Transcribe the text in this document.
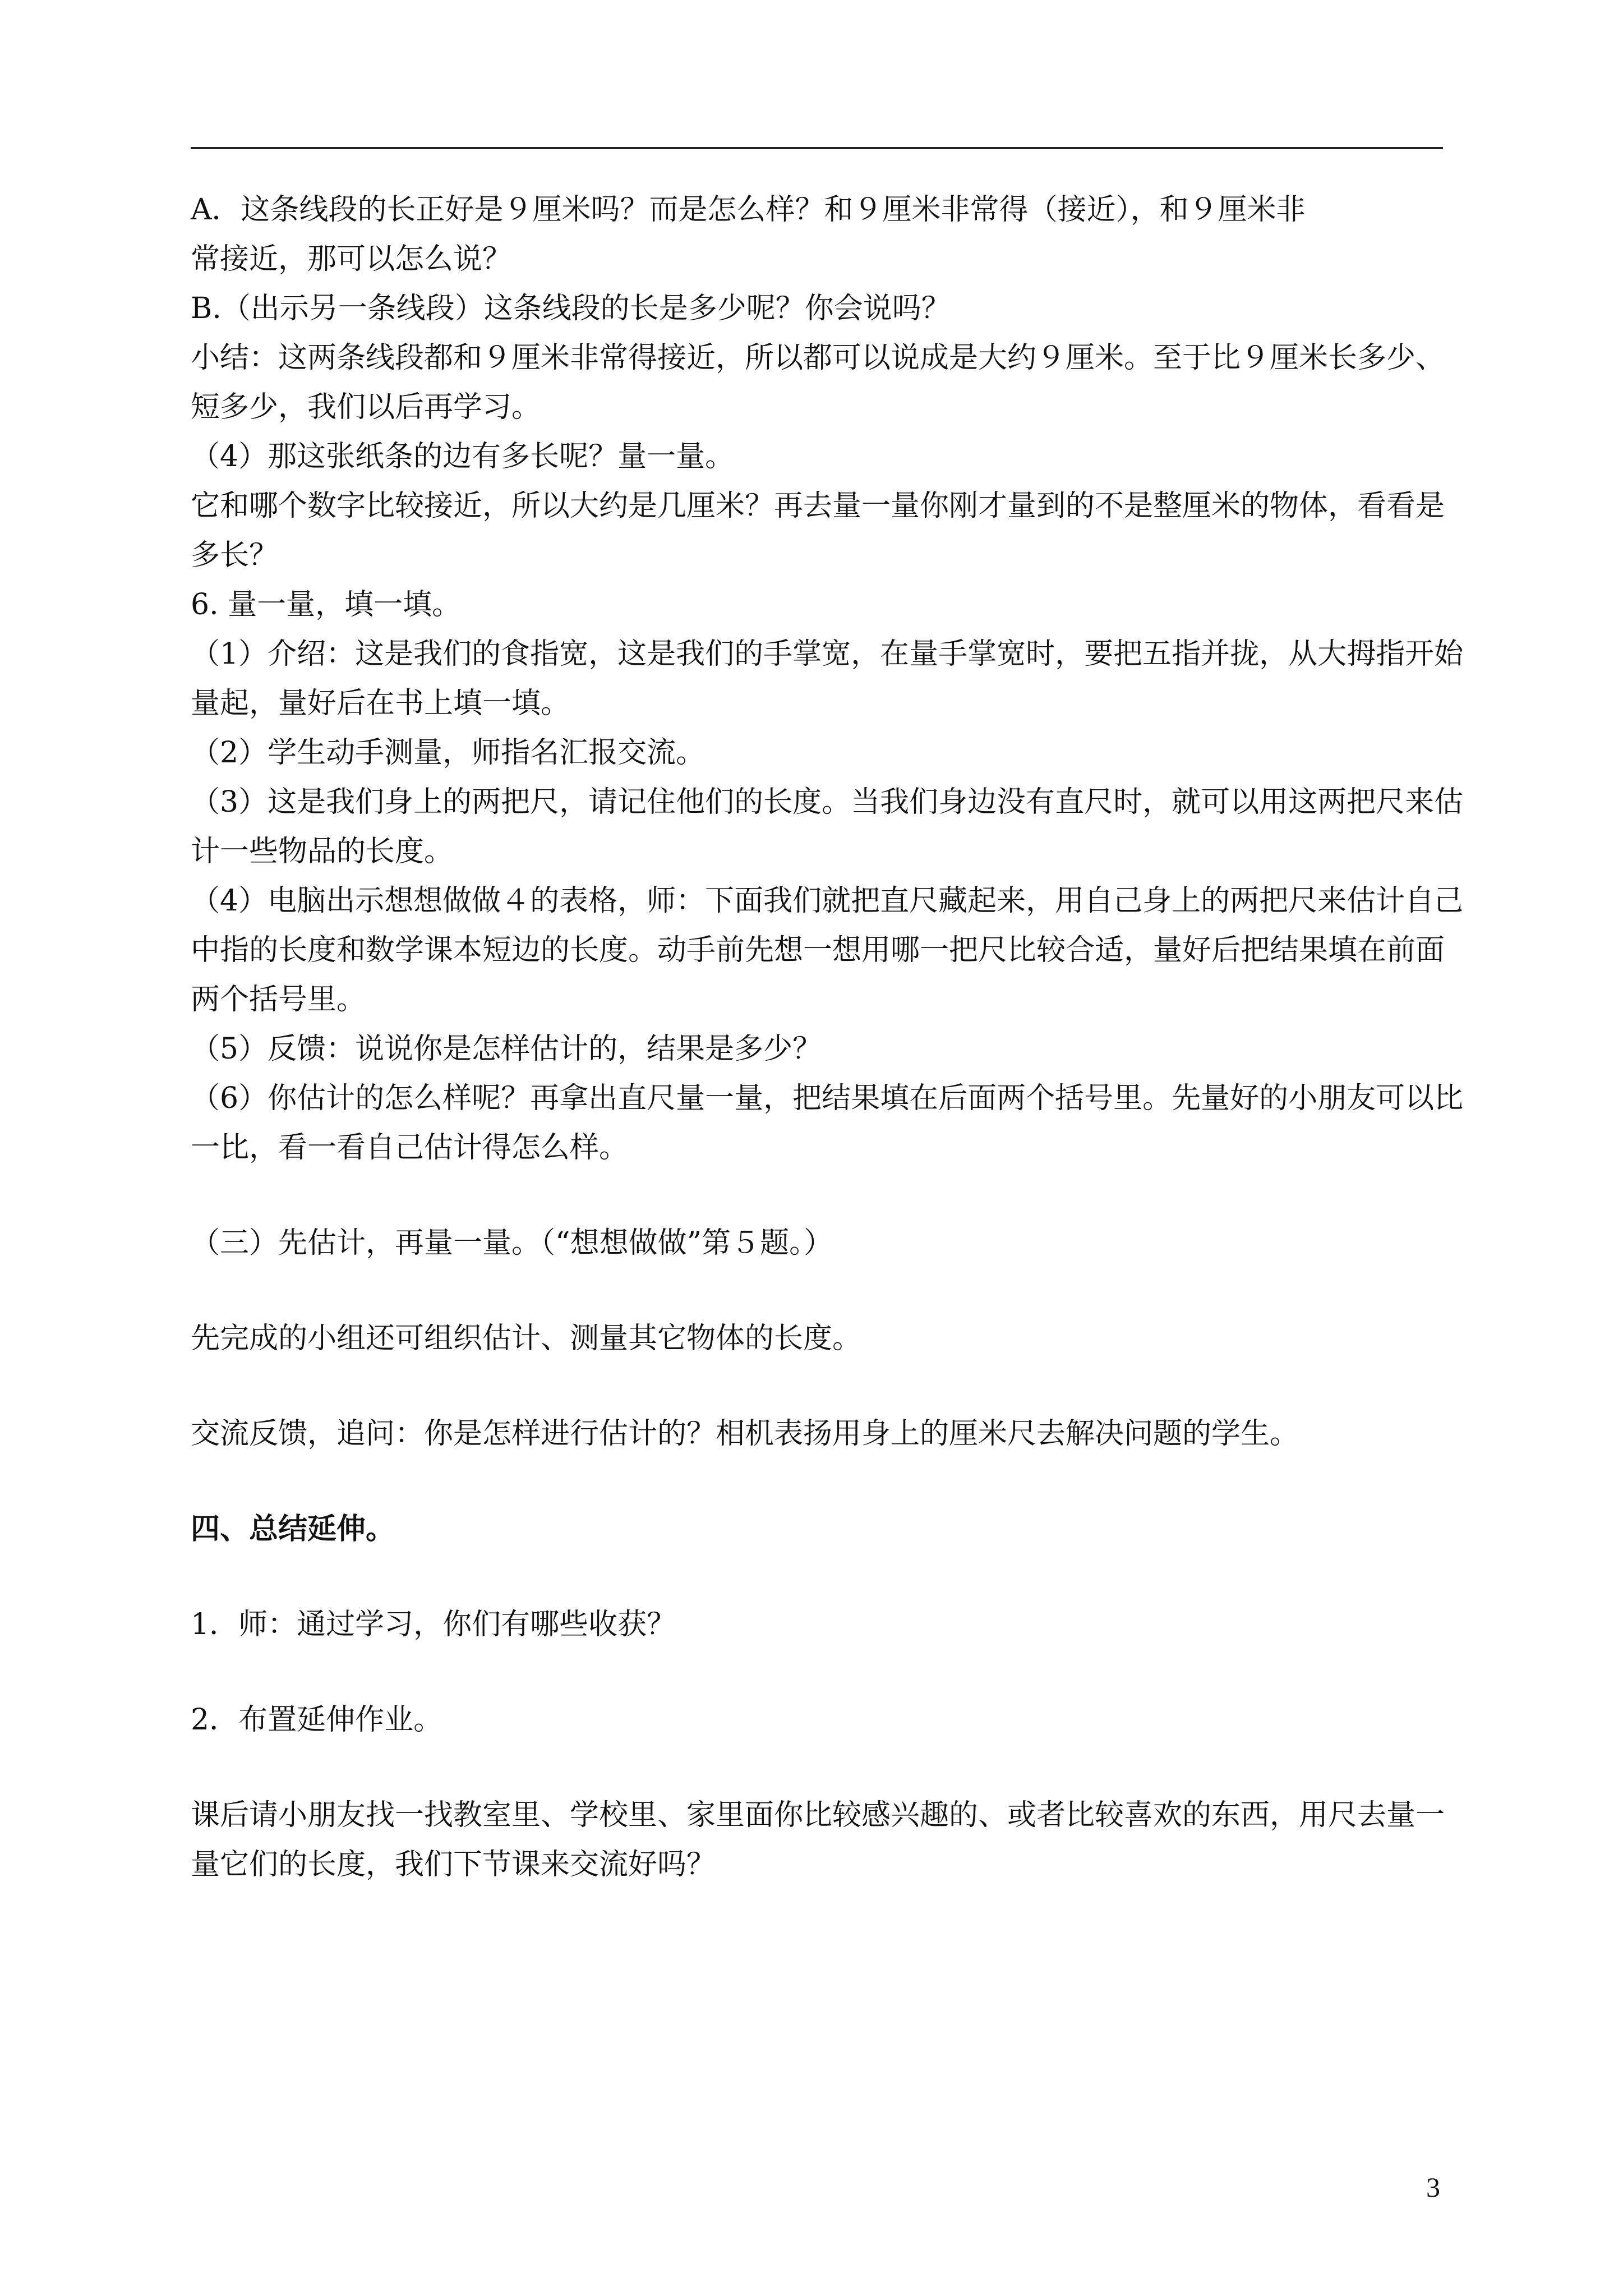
A．这条线段的长正好是９厘米吗？而是怎么样？和９厘米非常得（接近），和９厘米非
常接近，那可以怎么说？
B.（出示另一条线段）这条线段的长是多少呢？你会说吗？
小结：这两条线段都和９厘米非常得接近，所以都可以说成是大约９厘米。至于比９厘米长多少、
短多少，我们以后再学习。
（4）那这张纸条的边有多长呢？量一量。
它和哪个数字比较接近，所以大约是几厘米？再去量一量你刚才量到的不是整厘米的物体，看看是
多长？
6. 量一量，填一填。
（1）介绍：这是我们的食指宽，这是我们的手掌宽，在量手掌宽时，要把五指并拢，从大拇指开始
量起，量好后在书上填一填。
（2）学生动手测量，师指名汇报交流。
（3）这是我们身上的两把尺，请记住他们的长度。当我们身边没有直尺时，就可以用这两把尺来估
计一些物品的长度。
（4）电脑出示想想做做４的表格，师：下面我们就把直尺藏起来，用自己身上的两把尺来估计自己
中指的长度和数学课本短边的长度。动手前先想一想用哪一把尺比较合适，量好后把结果填在前面
两个括号里。
（5）反馈：说说你是怎样估计的，结果是多少？
（6）你估计的怎么样呢？再拿出直尺量一量，把结果填在后面两个括号里。先量好的小朋友可以比
一比，看一看自己估计得怎么样。
（三）先估计，再量一量。（“想想做做”第５题。）
先完成的小组还可组织估计、测量其它物体的长度。
交流反馈，追问：你是怎样进行估计的？相机表扬用身上的厘米尺去解决问题的学生。
四、总结延伸。
1．师：通过学习，你们有哪些收获？
2．布置延伸作业。
课后请小朋友找一找教室里、学校里、家里面你比较感兴趣的、或者比较喜欢的东西，用尺去量一
量它们的长度，我们下节课来交流好吗？
3
